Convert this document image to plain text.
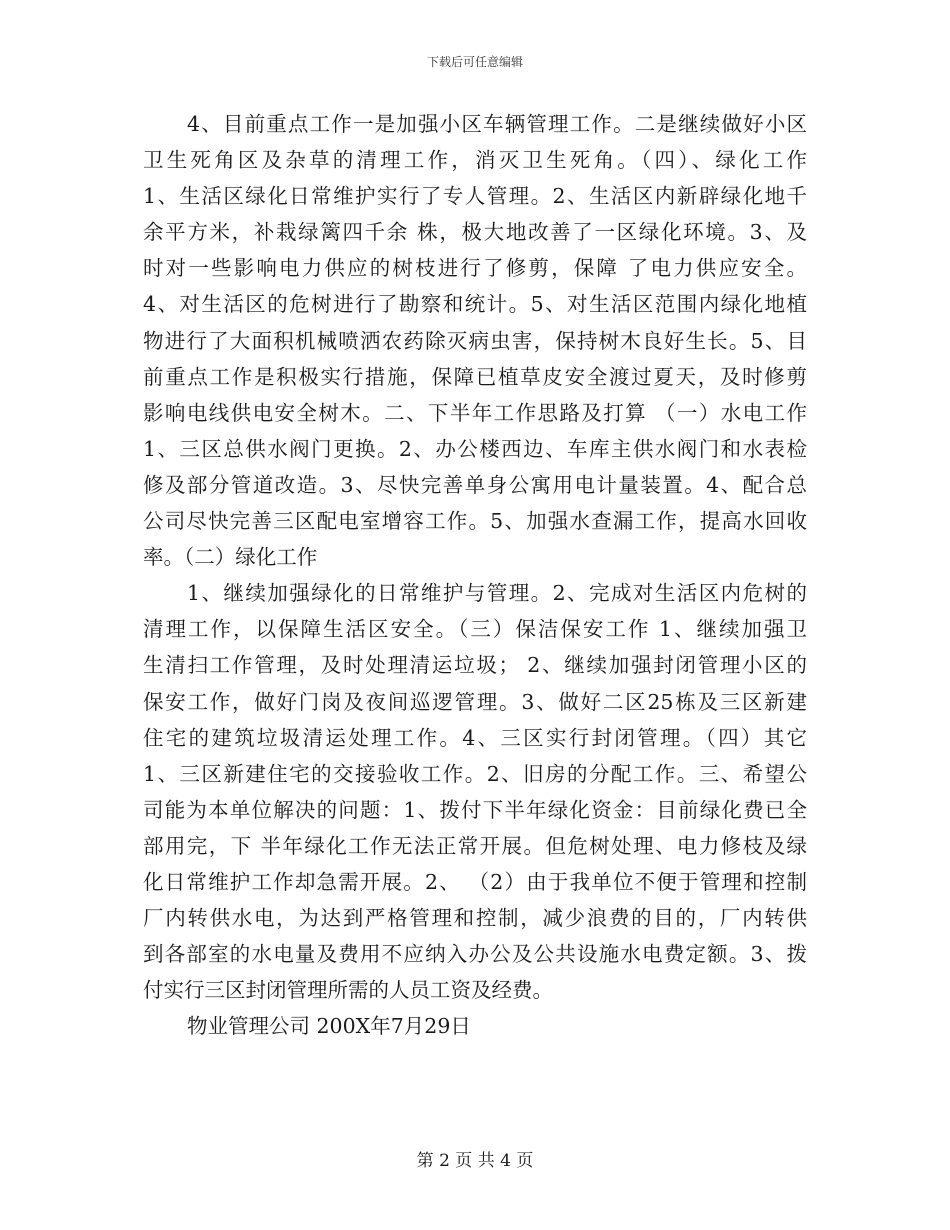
下载后可任意编辑
4、目前重点工作一是加强小区车辆管理工作。二是继续做好小区
卫生死角区及杂草的清理工作，消灭卫生死角。（四）、绿化工作
1、生活区绿化日常维护实行了专人管理。2、生活区内新辟绿化地千
余平方米，补栽绿篱四千余 株，极大地改善了一区绿化环境。3、及
时对一些影响电力供应的树枝进行了修剪，保障 了电力供应安全。
4、对生活区的危树进行了勘察和统计。5、对生活区范围内绿化地植
物进行了大面积机械喷洒农药除灭病虫害，保持树木良好生长。5、目
前重点工作是积极实行措施，保障已植草皮安全渡过夏天，及时修剪
影响电线供电安全树木。二、下半年工作思路及打算 （一）水电工作
1、三区总供水阀门更换。2、办公楼西边、车库主供水阀门和水表检
修及部分管道改造。3、尽快完善单身公寓用电计量装置。4、配合总
公司尽快完善三区配电室增容工作。5、加强水查漏工作，提高水回收
率。（二）绿化工作
1、继续加强绿化的日常维护与管理。2、完成对生活区内危树的
清理工作，以保障生活区安全。（三）保洁保安工作 1、继续加强卫
生清扫工作管理，及时处理清运垃圾； 2、继续加强封闭管理小区的
保安工作，做好门岗及夜间巡逻管理。3、做好二区25栋及三区新建
住宅的建筑垃圾清运处理工作。4、三区实行封闭管理。（四）其它
1、三区新建住宅的交接验收工作。2、旧房的分配工作。三、希望公
司能为本单位解决的问题：1、拨付下半年绿化资金：目前绿化费已全
部用完，下 半年绿化工作无法正常开展。但危树处理、电力修枝及绿
化日常维护工作却急需开展。2、 （2）由于我单位不便于管理和控制
厂内转供水电，为达到严格管理和控制，减少浪费的目的，厂内转供
到各部室的水电量及费用不应纳入办公及公共设施水电费定额。3、拨
付实行三区封闭管理所需的人员工资及经费。
物业管理公司 200X年7月29日
第 2 页 共 4 页
